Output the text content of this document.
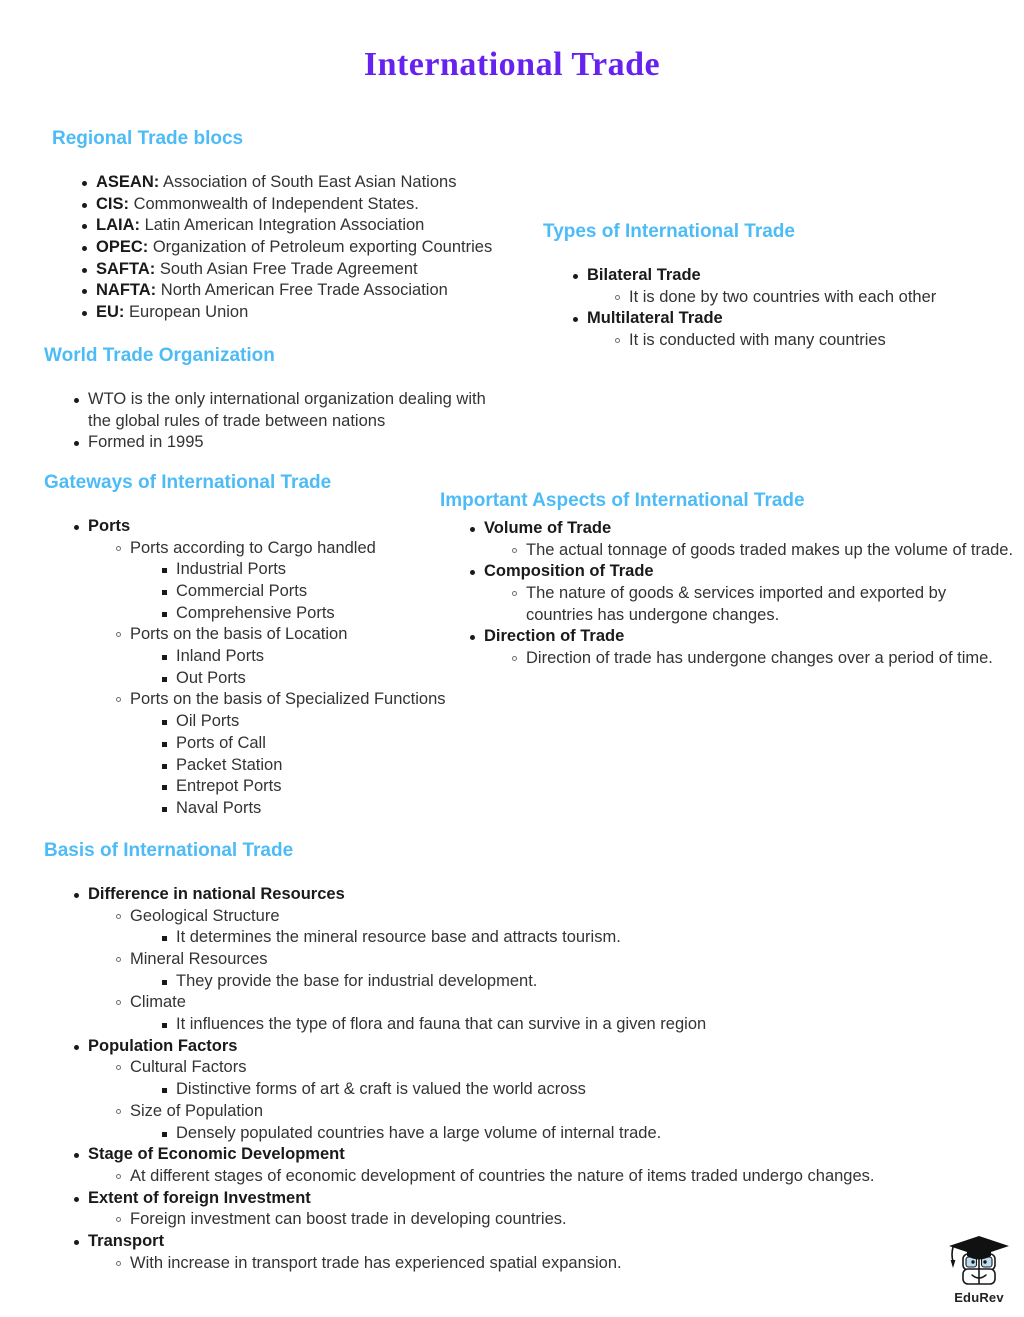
International Trade
Regional Trade blocs
ASEAN: Association of South East Asian Nations
CIS: Commonwealth of Independent States.
LAIA: Latin American Integration Association
OPEC: Organization of Petroleum exporting Countries
SAFTA: South Asian Free Trade Agreement
NAFTA: North American Free Trade Association
EU: European Union
World Trade Organization
WTO is the only international organization dealing with the global rules of trade between nations
Formed in 1995
Types of International Trade
Bilateral Trade
It is done by two countries with each other
Multilateral Trade
It is conducted with many countries
Gateways of International Trade
Ports
Ports according to Cargo handled
Industrial Ports
Commercial Ports
Comprehensive Ports
Ports on the basis of Location
Inland Ports
Out Ports
Ports on the basis of Specialized Functions
Oil Ports
Ports of Call
Packet Station
Entrepot Ports
Naval Ports
Important Aspects of International Trade
Volume of Trade
The actual tonnage of goods traded makes up the volume of trade.
Composition of Trade
The nature of goods & services imported and exported by countries has undergone changes.
Direction of Trade
Direction of trade has undergone changes over a period of time.
Basis of International Trade
Difference in national Resources
Geological Structure
It determines the mineral resource base and attracts tourism.
Mineral Resources
They provide the base for industrial development.
Climate
It influences the type of flora and fauna that can survive in a given region
Population Factors
Cultural Factors
Distinctive forms of art & craft is valued the world across
Size of Population
Densely populated countries have a large volume of internal trade.
Stage of Economic Development
At different stages of economic development of countries the nature of items traded undergo changes.
Extent of foreign Investment
Foreign investment can boost trade in developing countries.
Transport
With increase in transport trade has experienced spatial expansion.
EduRev
